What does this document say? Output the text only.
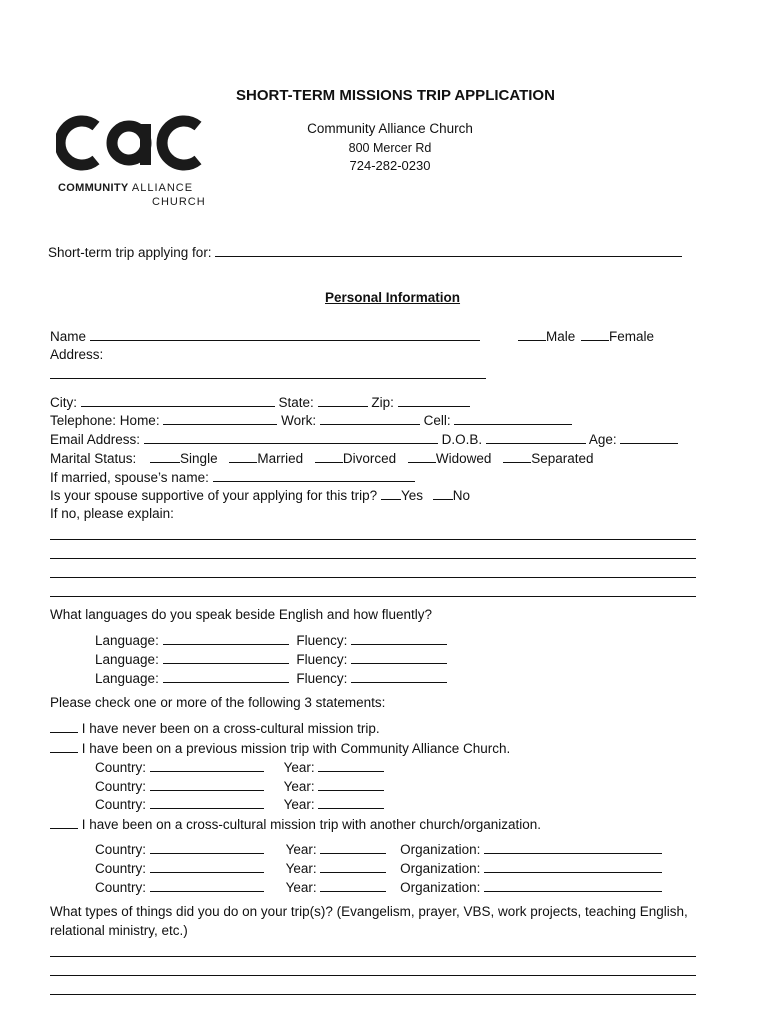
SHORT-TERM MISSIONS TRIP APPLICATION
COMMUNITY ALLIANCE
CHURCH
Community Alliance Church
800 Mercer Rd
724-282-0230
Short-term trip applying for:
Personal Information
Name	Male	Female
Address:
City:	State:	Zip:
Telephone: Home:	Work:	Cell:
Email Address:	D.O.B.	Age:
Marital Status:	Single	Married	Divorced	Widowed	Separated
If married, spouse’s name:
Is your spouse supportive of your applying for this trip? Yes No
If no, please explain:
What languages do you speak beside English and how fluently?
Language:	Fluency:
Language:	Fluency:
Language:	Fluency:
Please check one or more of the following 3 statements:
I have never been on a cross-cultural mission trip.
I have been on a previous mission trip with Community Alliance Church.
Country:	Year:
Country:	Year:
Country:	Year:
I have been on a cross-cultural mission trip with another church/organization.
Country:	Year:	Organization:
Country:	Year:	Organization:
Country:	Year:	Organization:
What types of things did you do on your trip(s)? (Evangelism, prayer, VBS, work projects, teaching English,
relational ministry, etc.)
